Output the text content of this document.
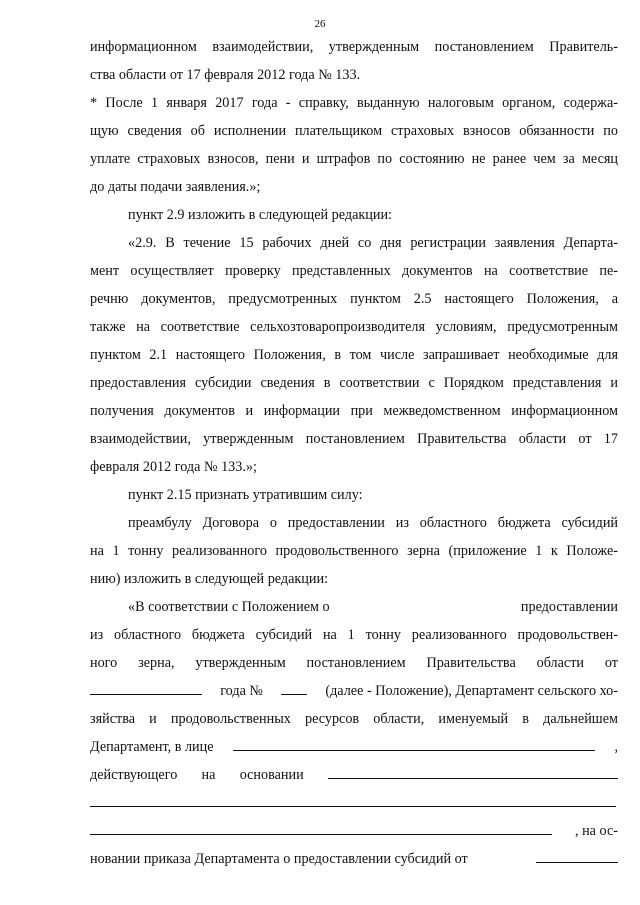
26
информационном взаимодействии, утвержденным постановлением Правитель-
ства области от 17 февраля 2012 года № 133.
* После 1 января 2017 года - справку, выданную налоговым органом, содержа-
щую сведения об исполнении плательщиком страховых взносов обязанности по
уплате страховых взносов, пени и штрафов по состоянию не ранее чем за месяц
до даты подачи заявления.»;
пункт 2.9 изложить в следующей редакции:
«2.9. В течение 15 рабочих дней со дня регистрации заявления Департа-
мент осуществляет проверку представленных документов на соответствие пе-
речню документов, предусмотренных пунктом 2.5 настоящего Положения, а
также на соответствие сельхозтоваропроизводителя условиям, предусмотренным
пунктом 2.1 настоящего Положения, в том числе запрашивает необходимые для
предоставления субсидии сведения в соответствии с Порядком представления и
получения документов и информации при межведомственном информационном
взаимодействии, утвержденным постановлением Правительства области от 17
февраля 2012 года № 133.»;
пункт 2.15 признать утратившим силу:
преамбулу Договора о предоставлении из областного бюджета субсидий
на 1 тонну реализованного продовольственного зерна (приложение 1 к Положе-
нию) изложить в следующей редакции:
«В соответствии с Положением о	предоставлении
из областного бюджета субсидий на 1 тонну реализованного продовольствен-
ного зерна, утвержденным постановлением Правительства области от
года №	(далее - Положение), Департамент сельского хо-
зяйства и продовольственных ресурсов области, именуемый в дальнейшем
Департамент, в лице	,
действующего на основании
, на ос-
новании приказа Департамента о предоставлении субсидий от
